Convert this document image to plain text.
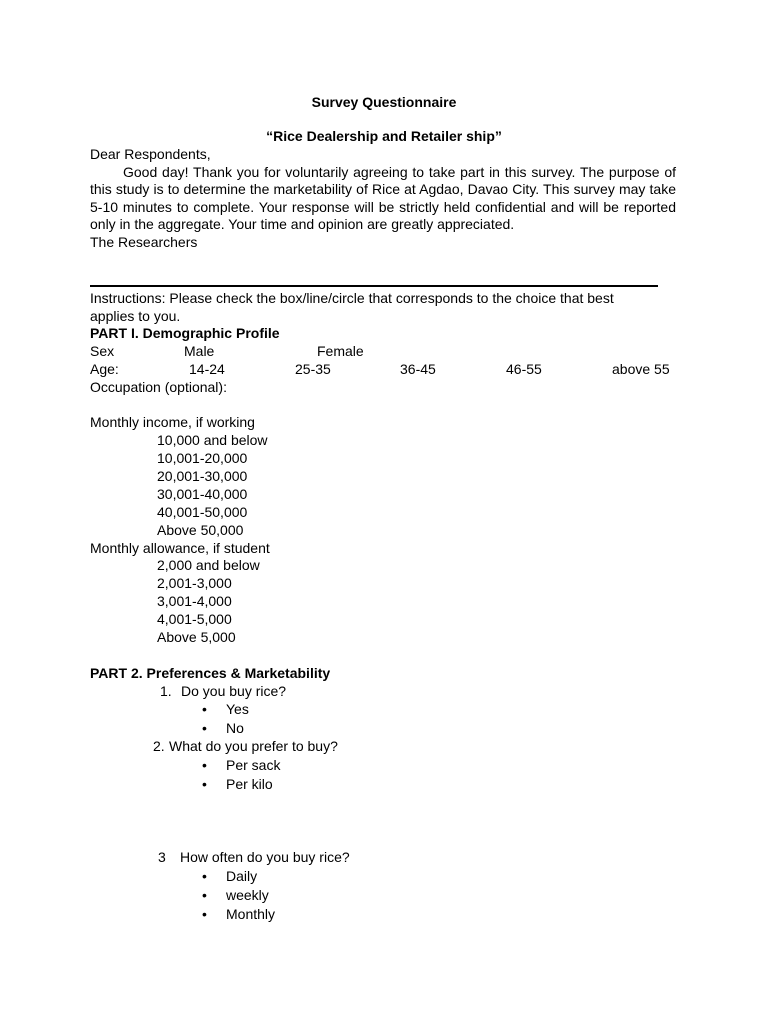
Survey Questionnaire
“Rice Dealership and Retailer ship”
Dear Respondents,
Good day! Thank you for voluntarily agreeing to take part in this survey. The purpose of this study is to determine the marketability of Rice at Agdao, Davao City. This survey may take 5-10 minutes to complete. Your response will be strictly held confidential and will be reported only in the aggregate. Your time and opinion are greatly appreciated.
The Researchers
Instructions: Please check the box/line/circle that corresponds to the choice that best
applies to you.
PART I. Demographic Profile
Sex	Male	Female
Age:	14-24	25-35	36-45	46-55	above 55
Occupation (optional):
Monthly income, if working
10,000 and below
10,001-20,000
20,001-30,000
30,001-40,000
40,001-50,000
Above 50,000
Monthly allowance, if student
2,000 and below
2,001-3,000
3,001-4,000
4,001-5,000
Above 5,000
PART 2. Preferences & Marketability
1. Do you buy rice?
• Yes
• No
2. What do you prefer to buy?
• Per sack
• Per kilo
3 How often do you buy rice?
• Daily
• weekly
• Monthly
